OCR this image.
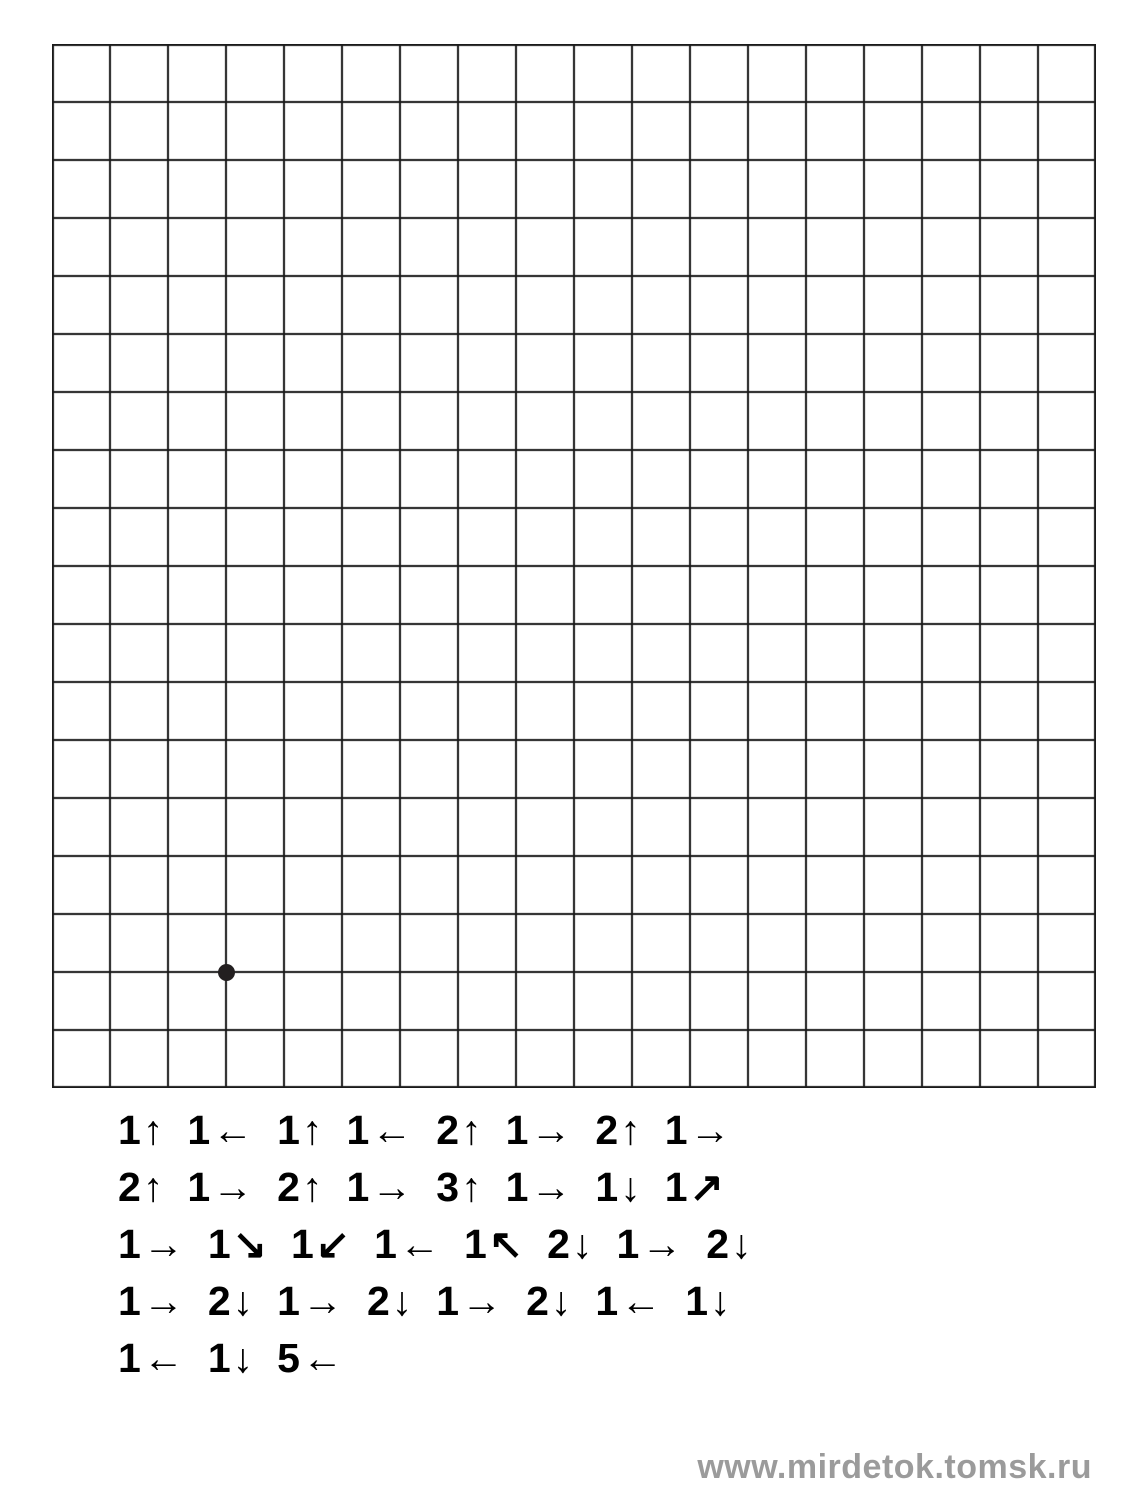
1 ↑ 1 ← 1 ↑ 1 ← 2 ↑ 1 → 2 ↑ 1 →
2 ↑ 1 → 2 ↑ 1 → 3 ↑ 1 → 1 ↓ 1 ↗
1 → 1 ↘ 1 ↙ 1 ← 1 ↖ 2 ↓ 1 → 2 ↓
1 → 2 ↓ 1 → 2 ↓ 1 → 2 ↓ 1 ← 1 ↓
1 ← 1 ↓ 5 ←
www.mirdetok.tomsk.ru
